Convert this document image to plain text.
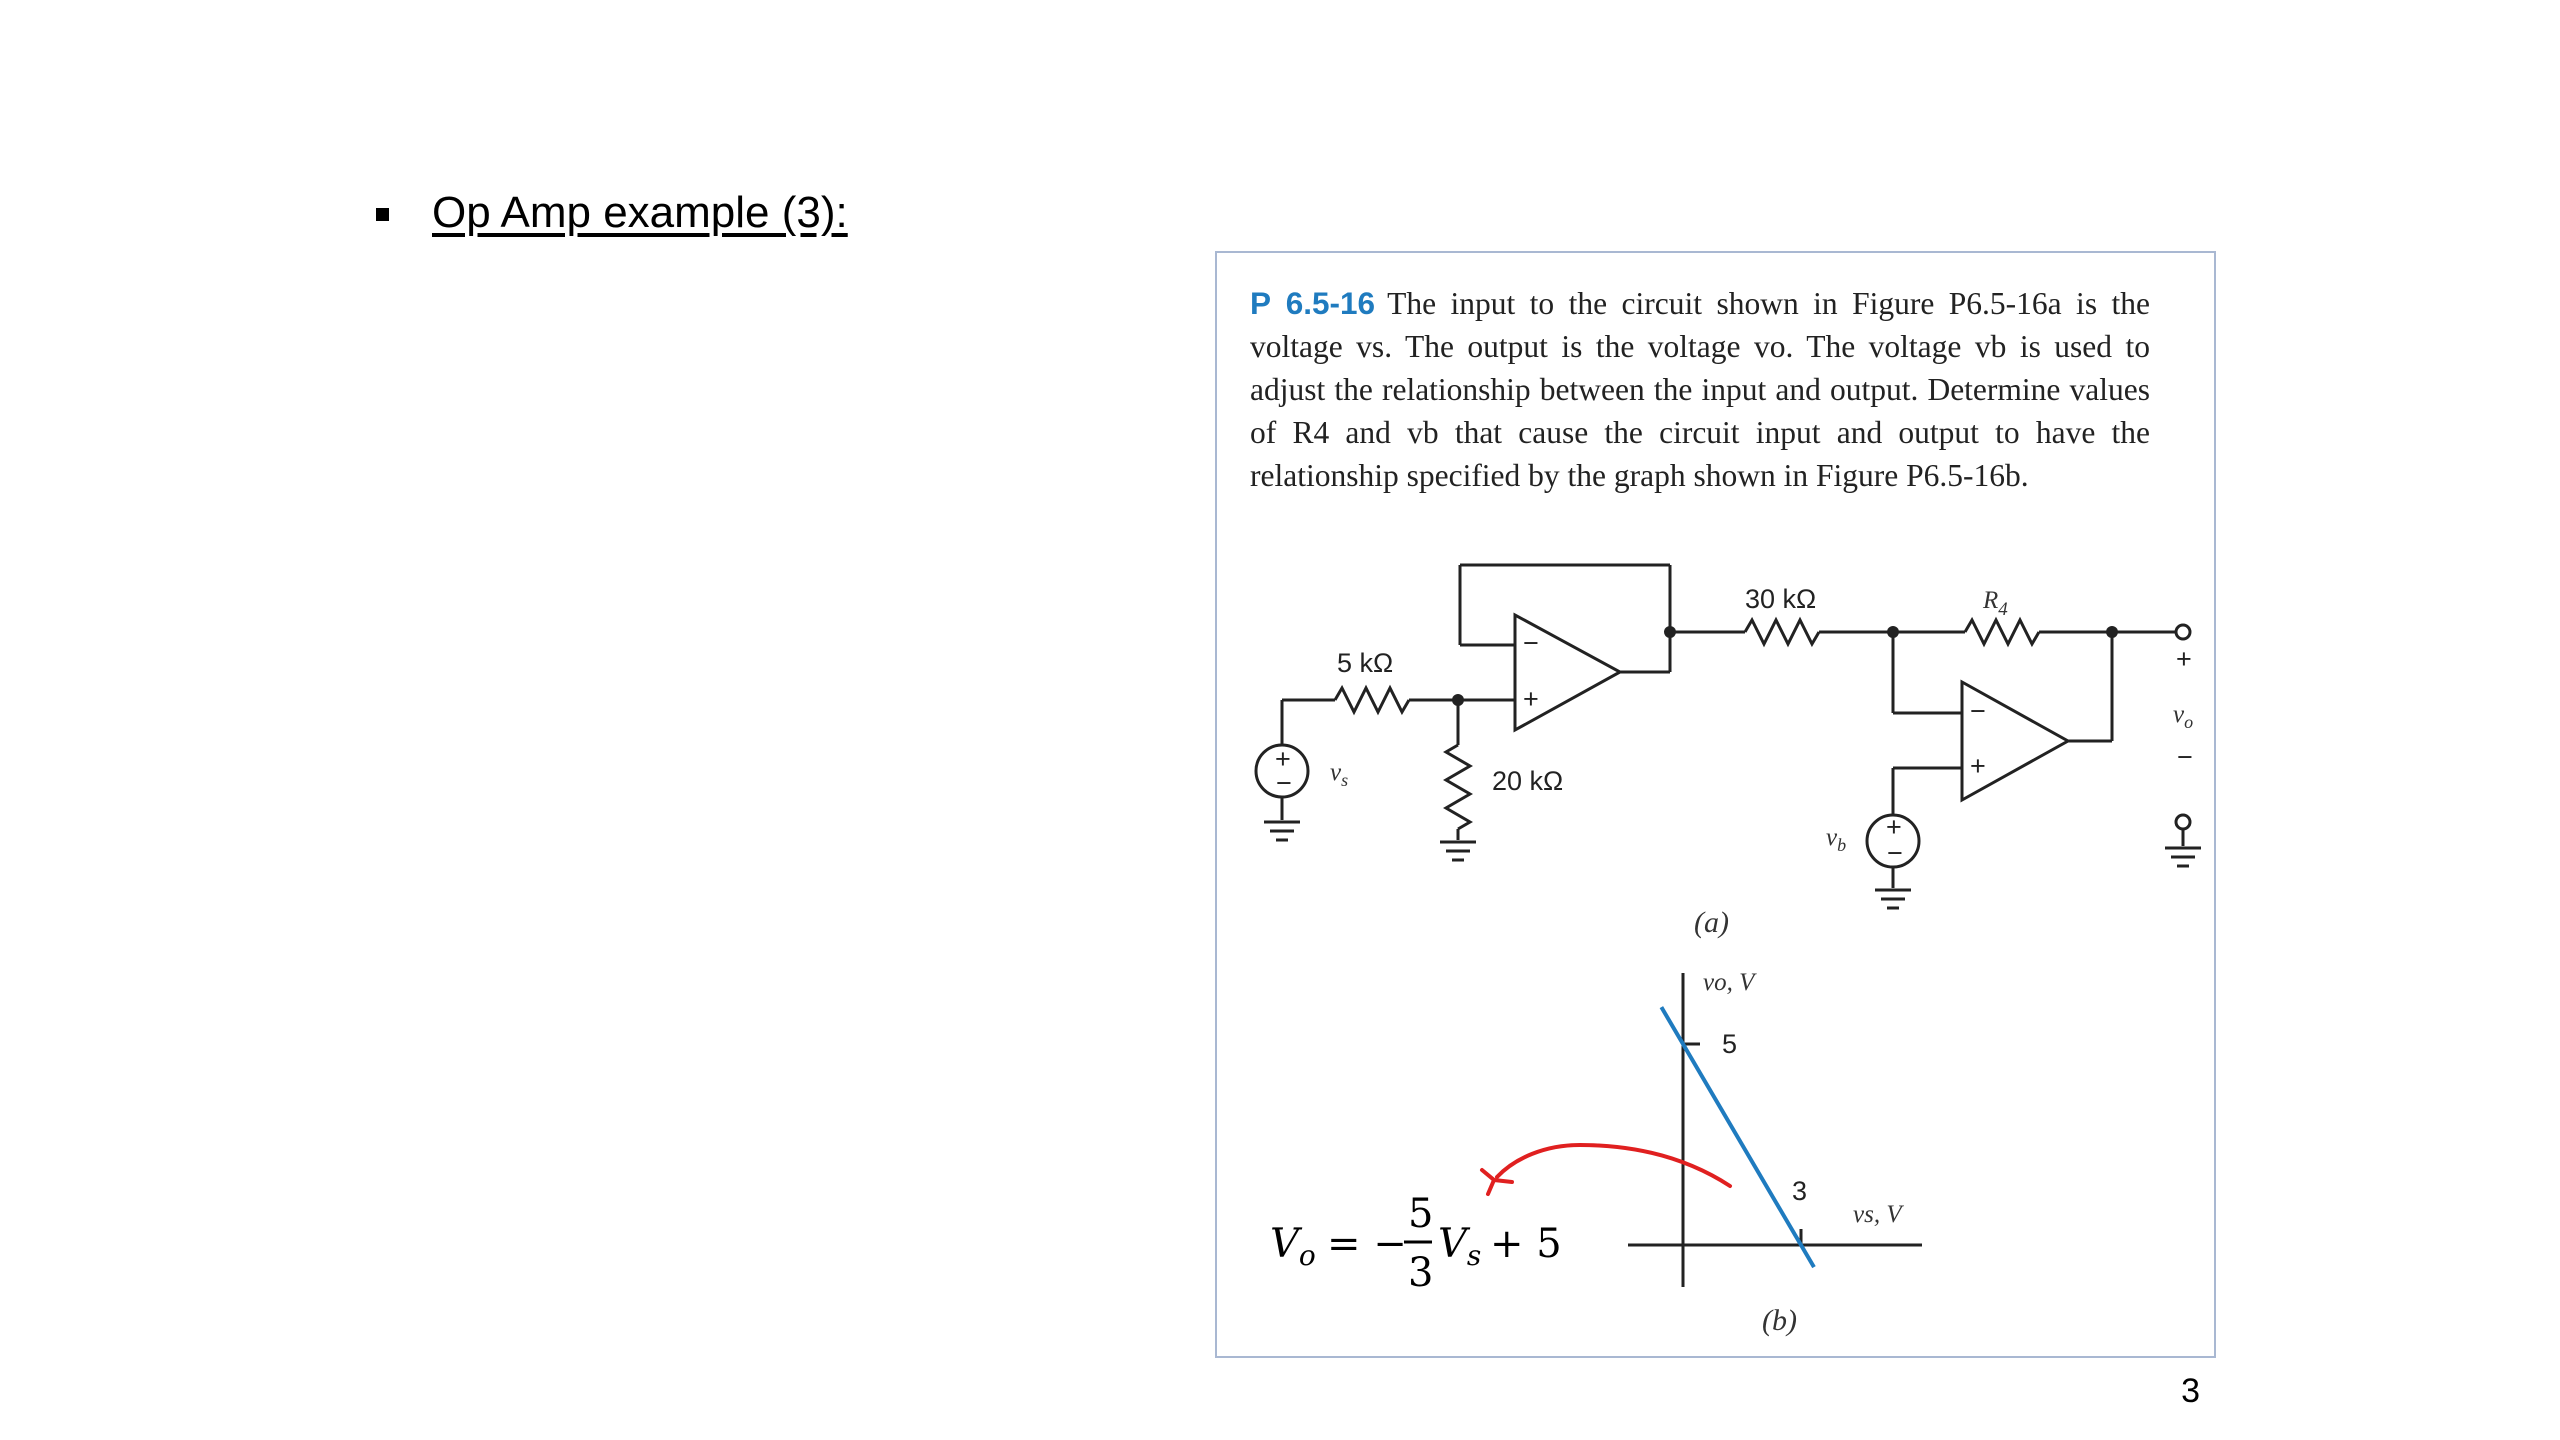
Op Amp example (3):
P 6.5-16 The input to the circuit shown in Figure P6.5-16a is the voltage vs. The output is the voltage vo. The voltage vb is used to adjust the relationship between the input and output. Determine values of R4 and vb that cause the circuit input and output to have the relationship specified by the graph shown in Figure P6.5-16b.
5 kΩ
20 kΩ
30 kΩ	$R_4$
$v_s$
$v_b$
$v_o$
+
−
+
−
−
+	−
+
+
−
(a)
vo, V
vs, V
5
3
(b)
$V_o$ = −
5
3
$V_s + 5$
3
